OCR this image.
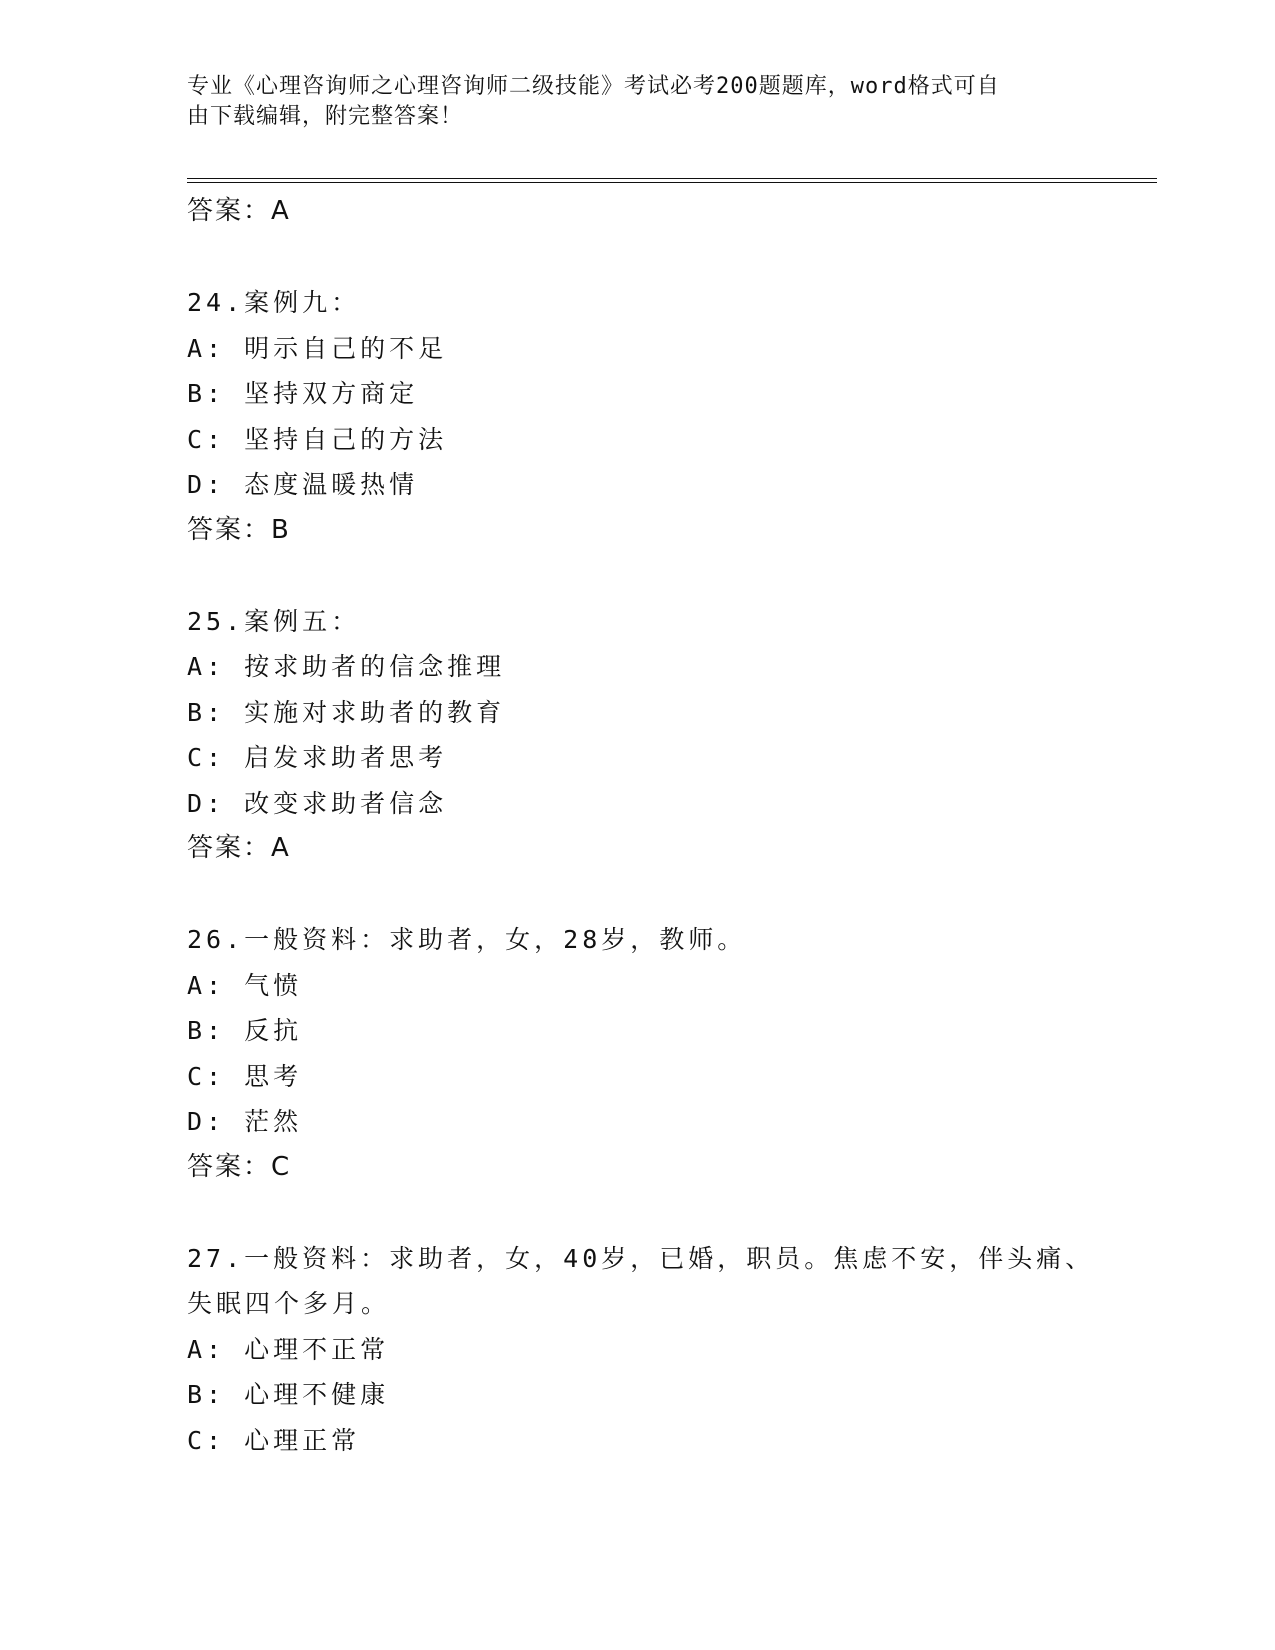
专业《心理咨询师之心理咨询师二级技能》考试必考200题题库，word格式可自
由下载编辑，附完整答案！
答案：A
24.案例九：
A: 明示自己的不足
B: 坚持双方商定
C: 坚持自己的方法
D: 态度温暖热情
答案：B
25.案例五：
A: 按求助者的信念推理
B: 实施对求助者的教育
C: 启发求助者思考
D: 改变求助者信念
答案：A
26.一般资料：求助者，女，28岁，教师。
A: 气愤
B: 反抗
C: 思考
D: 茫然
答案：C
27.一般资料：求助者，女，40岁，已婚，职员。焦虑不安，伴头痛、
失眠四个多月。
A: 心理不正常
B: 心理不健康
C: 心理正常
